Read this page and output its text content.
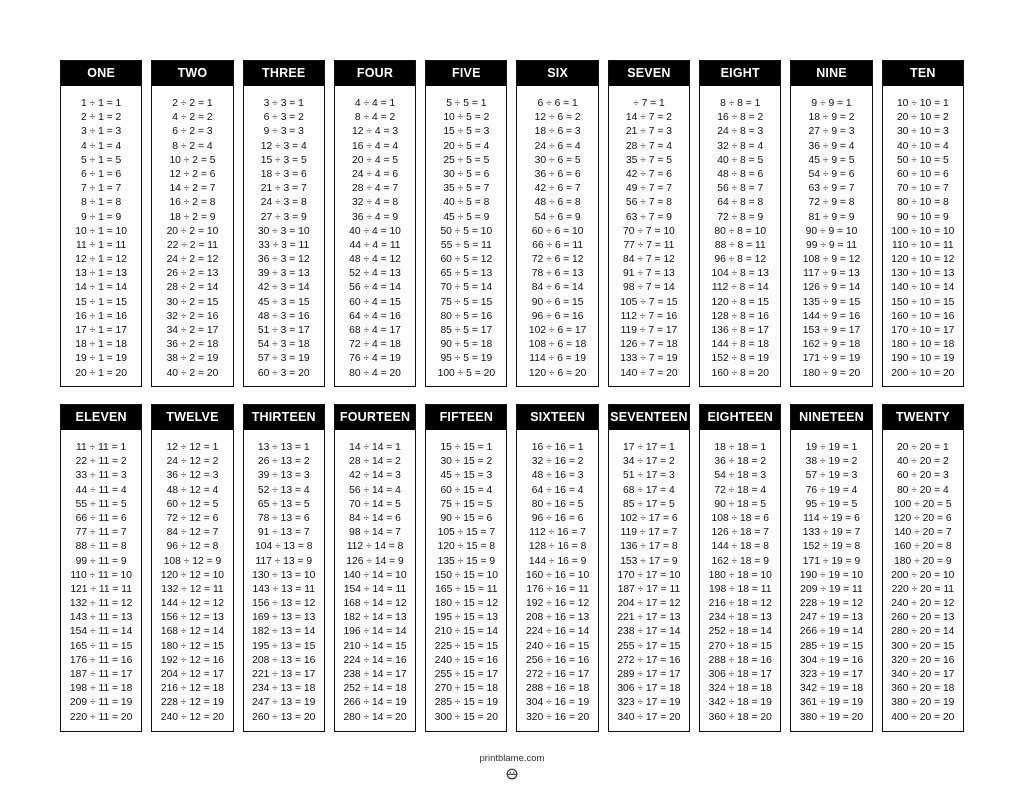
ONE
1 ÷ 1 = 1
2 ÷ 1 = 2
3 ÷ 1 = 3
4 ÷ 1 = 4
5 ÷ 1 = 5
6 ÷ 1 = 6
7 ÷ 1 = 7
8 ÷ 1 = 8
9 ÷ 1 = 9
10 ÷ 1 = 10
11 ÷ 1 = 11
12 ÷ 1 = 12
13 ÷ 1 = 13
14 ÷ 1 = 14
15 ÷ 1 = 15
16 ÷ 1 = 16
17 ÷ 1 = 17
18 ÷ 1 = 18
19 ÷ 1 = 19
20 ÷ 1 = 20
TWO
2 ÷ 2 = 1
4 ÷ 2 = 2
6 ÷ 2 = 3
8 ÷ 2 = 4
10 ÷ 2 = 5
12 ÷ 2 = 6
14 ÷ 2 = 7
16 ÷ 2 = 8
18 ÷ 2 = 9
20 ÷ 2 = 10
22 ÷ 2 = 11
24 ÷ 2 = 12
26 ÷ 2 = 13
28 ÷ 2 = 14
30 ÷ 2 = 15
32 ÷ 2 = 16
34 ÷ 2 = 17
36 ÷ 2 = 18
38 ÷ 2 = 19
40 ÷ 2 = 20
THREE
3 ÷ 3 = 1
6 ÷ 3 = 2
9 ÷ 3 = 3
12 ÷ 3 = 4
15 ÷ 3 = 5
18 ÷ 3 = 6
21 ÷ 3 = 7
24 ÷ 3 = 8
27 ÷ 3 = 9
30 ÷ 3 = 10
33 ÷ 3 = 11
36 ÷ 3 = 12
39 ÷ 3 = 13
42 ÷ 3 = 14
45 ÷ 3 = 15
48 ÷ 3 = 16
51 ÷ 3 = 17
54 ÷ 3 = 18
57 ÷ 3 = 19
60 ÷ 3 = 20
FOUR
4 ÷ 4 = 1
8 ÷ 4 = 2
12 ÷ 4 = 3
16 ÷ 4 = 4
20 ÷ 4 = 5
24 ÷ 4 = 6
28 ÷ 4 = 7
32 ÷ 4 = 8
36 ÷ 4 = 9
40 ÷ 4 = 10
44 ÷ 4 = 11
48 ÷ 4 = 12
52 ÷ 4 = 13
56 ÷ 4 = 14
60 ÷ 4 = 15
64 ÷ 4 = 16
68 ÷ 4 = 17
72 ÷ 4 = 18
76 ÷ 4 = 19
80 ÷ 4 = 20
FIVE
5 ÷ 5 = 1
10 ÷ 5 = 2
15 ÷ 5 = 3
20 ÷ 5 = 4
25 ÷ 5 = 5
30 ÷ 5 = 6
35 ÷ 5 = 7
40 ÷ 5 = 8
45 ÷ 5 = 9
50 ÷ 5 = 10
55 ÷ 5 = 11
60 ÷ 5 = 12
65 ÷ 5 = 13
70 ÷ 5 = 14
75 ÷ 5 = 15
80 ÷ 5 = 16
85 ÷ 5 = 17
90 ÷ 5 = 18
95 ÷ 5 = 19
100 ÷ 5 = 20
SIX
6 ÷ 6 = 1
12 ÷ 6 = 2
18 ÷ 6 = 3
24 ÷ 6 = 4
30 ÷ 6 = 5
36 ÷ 6 = 6
42 ÷ 6 = 7
48 ÷ 6 = 8
54 ÷ 6 = 9
60 ÷ 6 = 10
66 ÷ 6 = 11
72 ÷ 6 = 12
78 ÷ 6 = 13
84 ÷ 6 = 14
90 ÷ 6 = 15
96 ÷ 6 = 16
102 ÷ 6 = 17
108 ÷ 6 = 18
114 ÷ 6 = 19
120 ÷ 6 = 20
SEVEN
÷ 7 = 1
14 ÷ 7 = 2
21 ÷ 7 = 3
28 ÷ 7 = 4
35 ÷ 7 = 5
42 ÷ 7 = 6
49 ÷ 7 = 7
56 ÷ 7 = 8
63 ÷ 7 = 9
70 ÷ 7 = 10
77 ÷ 7 = 11
84 ÷ 7 = 12
91 ÷ 7 = 13
98 ÷ 7 = 14
105 ÷ 7 = 15
112 ÷ 7 = 16
119 ÷ 7 = 17
126 ÷ 7 = 18
133 ÷ 7 = 19
140 ÷ 7 = 20
EIGHT
8 ÷ 8 = 1
16 ÷ 8 = 2
24 ÷ 8 = 3
32 ÷ 8 = 4
40 ÷ 8 = 5
48 ÷ 8 = 6
56 ÷ 8 = 7
64 ÷ 8 = 8
72 ÷ 8 = 9
80 ÷ 8 = 10
88 ÷ 8 = 11
96 ÷ 8 = 12
104 ÷ 8 = 13
112 ÷ 8 = 14
120 ÷ 8 = 15
128 ÷ 8 = 16
136 ÷ 8 = 17
144 ÷ 8 = 18
152 ÷ 8 = 19
160 ÷ 8 = 20
NINE
9 ÷ 9 = 1
18 ÷ 9 = 2
27 ÷ 9 = 3
36 ÷ 9 = 4
45 ÷ 9 = 5
54 ÷ 9 = 6
63 ÷ 9 = 7
72 ÷ 9 = 8
81 ÷ 9 = 9
90 ÷ 9 = 10
99 ÷ 9 = 11
108 ÷ 9 = 12
117 ÷ 9 = 13
126 ÷ 9 = 14
135 ÷ 9 = 15
144 ÷ 9 = 16
153 ÷ 9 = 17
162 ÷ 9 = 18
171 ÷ 9 = 19
180 ÷ 9 = 20
TEN
10 ÷ 10 = 1
20 ÷ 10 = 2
30 ÷ 10 = 3
40 ÷ 10 = 4
50 ÷ 10 = 5
60 ÷ 10 = 6
70 ÷ 10 = 7
80 ÷ 10 = 8
90 ÷ 10 = 9
100 ÷ 10 = 10
110 ÷ 10 = 11
120 ÷ 10 = 12
130 ÷ 10 = 13
140 ÷ 10 = 14
150 ÷ 10 = 15
160 ÷ 10 = 16
170 ÷ 10 = 17
180 ÷ 10 = 18
190 ÷ 10 = 19
200 ÷ 10 = 20
ELEVEN
11 ÷ 11 = 1
22 ÷ 11 = 2
33 ÷ 11 = 3
44 ÷ 11 = 4
55 ÷ 11 = 5
66 ÷ 11 = 6
77 ÷ 11 = 7
88 ÷ 11 = 8
99 ÷ 11 = 9
110 ÷ 11 = 10
121 ÷ 11 = 11
132 ÷ 11 = 12
143 ÷ 11 = 13
154 ÷ 11 = 14
165 ÷ 11 = 15
176 ÷ 11 = 16
187 ÷ 11 = 17
198 ÷ 11 = 18
209 ÷ 11 = 19
220 ÷ 11 = 20
TWELVE
12 ÷ 12 = 1
24 ÷ 12 = 2
36 ÷ 12 = 3
48 ÷ 12 = 4
60 ÷ 12 = 5
72 ÷ 12 = 6
84 ÷ 12 = 7
96 ÷ 12 = 8
108 ÷ 12 = 9
120 ÷ 12 = 10
132 ÷ 12 = 11
144 ÷ 12 = 12
156 ÷ 12 = 13
168 ÷ 12 = 14
180 ÷ 12 = 15
192 ÷ 12 = 16
204 ÷ 12 = 17
216 ÷ 12 = 18
228 ÷ 12 = 19
240 ÷ 12 = 20
THIRTEEN
13 ÷ 13 = 1
26 ÷ 13 = 2
39 ÷ 13 = 3
52 ÷ 13 = 4
65 ÷ 13 = 5
78 ÷ 13 = 6
91 ÷ 13 = 7
104 ÷ 13 = 8
117 ÷ 13 = 9
130 ÷ 13 = 10
143 ÷ 13 = 11
156 ÷ 13 = 12
169 ÷ 13 = 13
182 ÷ 13 = 14
195 ÷ 13 = 15
208 ÷ 13 = 16
221 ÷ 13 = 17
234 ÷ 13 = 18
247 ÷ 13 = 19
260 ÷ 13 = 20
FOURTEEN
14 ÷ 14 = 1
28 ÷ 14 = 2
42 ÷ 14 = 3
56 ÷ 14 = 4
70 ÷ 14 = 5
84 ÷ 14 = 6
98 ÷ 14 = 7
112 ÷ 14 = 8
126 ÷ 14 = 9
140 ÷ 14 = 10
154 ÷ 14 = 11
168 ÷ 14 = 12
182 ÷ 14 = 13
196 ÷ 14 = 14
210 ÷ 14 = 15
224 ÷ 14 = 16
238 ÷ 14 = 17
252 ÷ 14 = 18
266 ÷ 14 = 19
280 ÷ 14 = 20
FIFTEEN
15 ÷ 15 = 1
30 ÷ 15 = 2
45 ÷ 15 = 3
60 ÷ 15 = 4
75 ÷ 15 = 5
90 ÷ 15 = 6
105 ÷ 15 = 7
120 ÷ 15 = 8
135 ÷ 15 = 9
150 ÷ 15 = 10
165 ÷ 15 = 11
180 ÷ 15 = 12
195 ÷ 15 = 13
210 ÷ 15 = 14
225 ÷ 15 = 15
240 ÷ 15 = 16
255 ÷ 15 = 17
270 ÷ 15 = 18
285 ÷ 15 = 19
300 ÷ 15 = 20
SIXTEEN
16 ÷ 16 = 1
32 ÷ 16 = 2
48 ÷ 16 = 3
64 ÷ 16 = 4
80 ÷ 16 = 5
96 ÷ 16 = 6
112 ÷ 16 = 7
128 ÷ 16 = 8
144 ÷ 16 = 9
160 ÷ 16 = 10
176 ÷ 16 = 11
192 ÷ 16 = 12
208 ÷ 16 = 13
224 ÷ 16 = 14
240 ÷ 16 = 15
256 ÷ 16 = 16
272 ÷ 16 = 17
288 ÷ 16 = 18
304 ÷ 16 = 19
320 ÷ 16 = 20
SEVENTEEN
17 ÷ 17 = 1
34 ÷ 17 = 2
51 ÷ 17 = 3
68 ÷ 17 = 4
85 ÷ 17 = 5
102 ÷ 17 = 6
119 ÷ 17 = 7
136 ÷ 17 = 8
153 ÷ 17 = 9
170 ÷ 17 = 10
187 ÷ 17 = 11
204 ÷ 17 = 12
221 ÷ 17 = 13
238 ÷ 17 = 14
255 ÷ 17 = 15
272 ÷ 17 = 16
289 ÷ 17 = 17
306 ÷ 17 = 18
323 ÷ 17 = 19
340 ÷ 17 = 20
EIGHTEEN
18 ÷ 18 = 1
36 ÷ 18 = 2
54 ÷ 18 = 3
72 ÷ 18 = 4
90 ÷ 18 = 5
108 ÷ 18 = 6
126 ÷ 18 = 7
144 ÷ 18 = 8
162 ÷ 18 = 9
180 ÷ 18 = 10
198 ÷ 18 = 11
216 ÷ 18 = 12
234 ÷ 18 = 13
252 ÷ 18 = 14
270 ÷ 18 = 15
288 ÷ 18 = 16
306 ÷ 18 = 17
324 ÷ 18 = 18
342 ÷ 18 = 19
360 ÷ 18 = 20
NINETEEN
19 ÷ 19 = 1
38 ÷ 19 = 2
57 ÷ 19 = 3
76 ÷ 19 = 4
95 ÷ 19 = 5
114 ÷ 19 = 6
133 ÷ 19 = 7
152 ÷ 19 = 8
171 ÷ 19 = 9
190 ÷ 19 = 10
209 ÷ 19 = 11
228 ÷ 19 = 12
247 ÷ 19 = 13
266 ÷ 19 = 14
285 ÷ 19 = 15
304 ÷ 19 = 16
323 ÷ 19 = 17
342 ÷ 19 = 18
361 ÷ 19 = 19
380 ÷ 19 = 20
TWENTY
20 ÷ 20 = 1
40 ÷ 20 = 2
60 ÷ 20 = 3
80 ÷ 20 = 4
100 ÷ 20 = 5
120 ÷ 20 = 6
140 ÷ 20 = 7
160 ÷ 20 = 8
180 ÷ 20 = 9
200 ÷ 20 = 10
220 ÷ 20 = 11
240 ÷ 20 = 12
260 ÷ 20 = 13
280 ÷ 20 = 14
300 ÷ 20 = 15
320 ÷ 20 = 16
340 ÷ 20 = 17
360 ÷ 20 = 18
380 ÷ 20 = 19
400 ÷ 20 = 20
printblame.com
